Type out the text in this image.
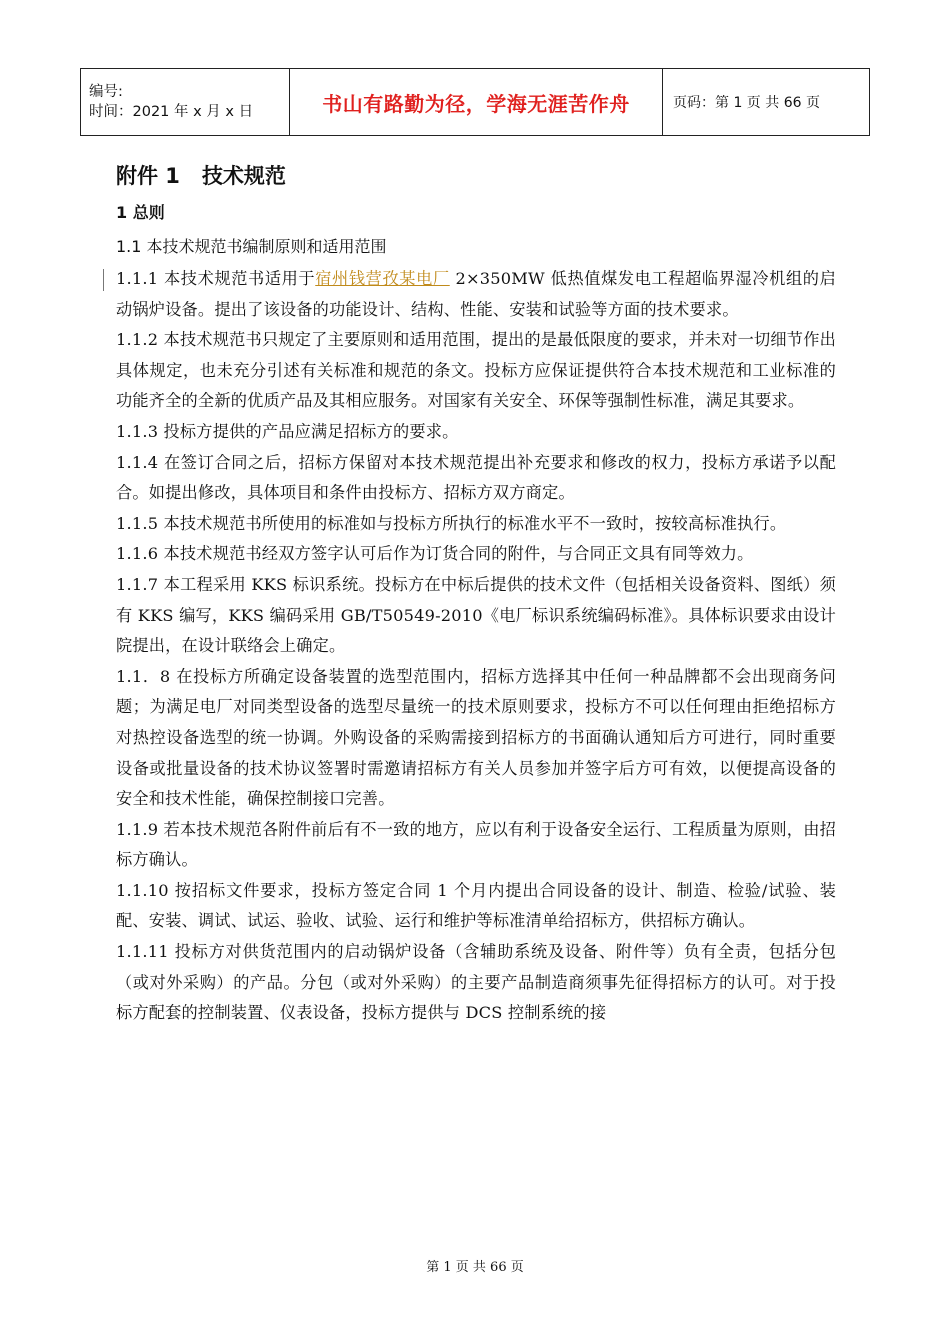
编号:
时间：2021 年 x 月 x 日	书山有路勤为径，学海无涯苦作舟	页码：第 1 页 共 66 页
附件 1 技术规范
1 总则
1.1 本技术规范书编制原则和适用范围

1.1.1 本技术规范书适用于宿州钱营孜某电厂 2×350MW 低热值煤发电工程超临界湿冷机组的启动锅炉设备。提出了该设备的功能设计、结构、性能、安装和试验等方面的技术要求。

1.1.2 本技术规范书只规定了主要原则和适用范围，提出的是最低限度的要求，并未对一切细节作出具体规定，也未充分引述有关标准和规范的条文。投标方应保证提供符合本技术规范和工业标准的功能齐全的全新的优质产品及其相应服务。对国家有关安全、环保等强制性标准，满足其要求。

1.1.3 投标方提供的产品应满足招标方的要求。

1.1.4 在签订合同之后，招标方保留对本技术规范提出补充要求和修改的权力，投标方承诺予以配合。如提出修改，具体项目和条件由投标方、招标方双方商定。

1.1.5 本技术规范书所使用的标准如与投标方所执行的标准水平不一致时，按较高标准执行。

1.1.6 本技术规范书经双方签字认可后作为订货合同的附件，与合同正文具有同等效力。

1.1.7 本工程采用 KKS 标识系统。投标方在中标后提供的技术文件（包括相关设备资料、图纸）须有 KKS 编写，KKS 编码采用 GB/T50549-2010《电厂标识系统编码标准》。具体标识要求由设计院提出，在设计联络会上确定。

1.1．8 在投标方所确定设备装置的选型范围内，招标方选择其中任何一种品牌都不会出现商务问题；为满足电厂对同类型设备的选型尽量统一的技术原则要求，投标方不可以任何理由拒绝招标方对热控设备选型的统一协调。外购设备的采购需接到招标方的书面确认通知后方可进行，同时重要设备或批量设备的技术协议签署时需邀请招标方有关人员参加并签字后方可有效，以便提高设备的安全和技术性能，确保控制接口完善。

1.1.9 若本技术规范各附件前后有不一致的地方，应以有利于设备安全运行、工程质量为原则，由招标方确认。

1.1.10 按招标文件要求，投标方签定合同 1 个月内提出合同设备的设计、制造、检验/试验、装配、安装、调试、试运、验收、试验、运行和维护等标准清单给招标方，供招标方确认。

1.1.11 投标方对供货范围内的启动锅炉设备（含辅助系统及设备、附件等）负有全责，包括分包（或对外采购）的产品。分包（或对外采购）的主要产品制造商须事先征得招标方的认可。对于投标方配套的控制装置、仪表设备，投标方提供与 DCS 控制系统的接

第 1 页 共 66 页
